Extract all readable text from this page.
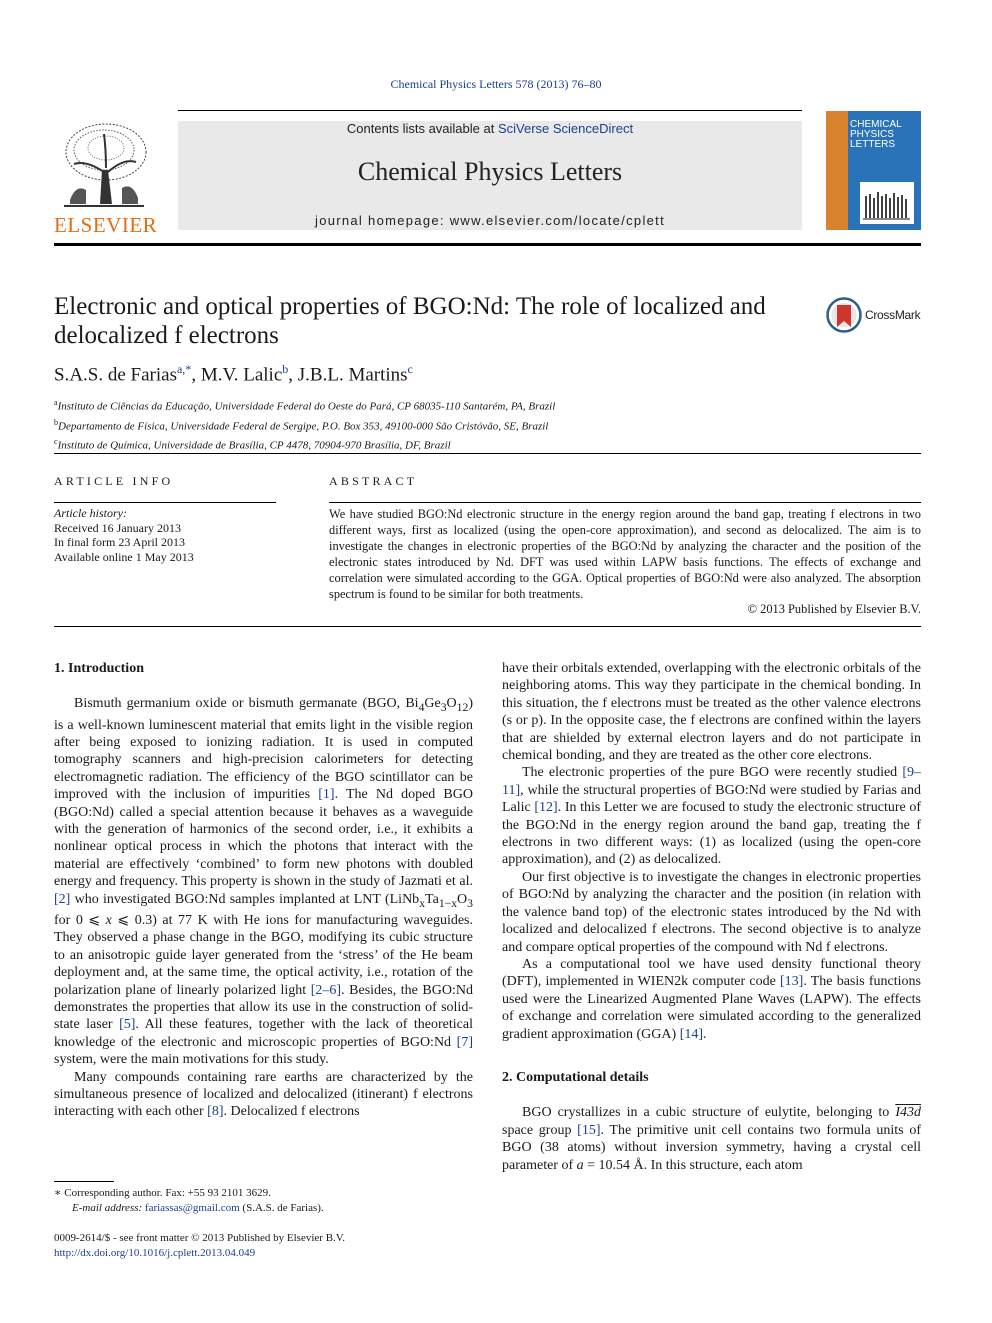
Chemical Physics Letters 578 (2013) 76–80
ELSEVIER
Contents lists available at SciVerse ScienceDirect
Chemical Physics Letters
journal homepage: www.elsevier.com/locate/cplett
CHEMICAL
PHYSICS
LETTERS
Electronic and optical properties of BGO:Nd: The role of localized and
delocalized f electrons
CrossMark
S.A.S. de Farias$^{a,*}$, M.V. Lalic$^b$, J.B.L. Martins$^c$
$^a$Instituto de Ciências da Educação, Universidade Federal do Oeste do Pará, CP 68035-110 Santarém, PA, Brazil
$^b$Departamento de Física, Universidade Federal de Sergipe, P.O. Box 353, 49100-000 São Cristóvão, SE, Brazil
$^c$Instituto de Química, Universidade de Brasília, CP 4478, 70904-970 Brasília, DF, Brazil
ARTICLE INFO
Article history:
Received 16 January 2013
In final form 23 April 2013
Available online 1 May 2013
ABSTRACT
We have studied BGO:Nd electronic structure in the energy region around the band gap, treating f electrons in two different ways, first as localized (using the open-core approximation), and second as delocalized. The aim is to investigate the changes in electronic properties of the BGO:Nd by analyzing the character and the position of the electronic states introduced by Nd. DFT was used within LAPW basis functions. The effects of exchange and correlation were simulated according to the GGA. Optical properties of BGO:Nd were also analyzed. The absorption spectrum is found to be similar for both treatments.
© 2013 Published by Elsevier B.V.
1. Introduction

Bismuth germanium oxide or bismuth germanate (BGO, $Bi_4Ge_3O_{12}$) is a well-known luminescent material that emits light in the visible region after being exposed to ionizing radiation. It is used in computed tomography scanners and high-precision calorimeters for detecting electromagnetic radiation. The efficiency of the BGO scintillator can be improved with the inclusion of impurities [1]. The Nd doped BGO (BGO:Nd) called a special attention because it behaves as a waveguide with the generation of harmonics of the second order, i.e., it exhibits a nonlinear optical process in which the photons that interact with the material are effectively ‘combined’ to form new photons with doubled energy and frequency. This property is shown in the study of Jazmati et al. [2] who investigated BGO:Nd samples implanted at LNT ($LiNb_xTa_{1-x}O_3$ for 0 ⩽ x ⩽ 0.3) at 77 K with He ions for manufacturing waveguides. They observed a phase change in the BGO, modifying its cubic structure to an anisotropic guide layer generated from the ‘stress’ of the He beam deployment and, at the same time, the optical activity, i.e., rotation of the polarization plane of linearly polarized light [2–6]. Besides, the BGO:Nd demonstrates the properties that allow its use in the construction of solid-state laser [5]. All these features, together with the lack of theoretical knowledge of the electronic and microscopic properties of BGO:Nd [7] system, were the main motivations for this study.

Many compounds containing rare earths are characterized by the simultaneous presence of localized and delocalized (itinerant) f electrons interacting with each other [8]. Delocalized f electrons

have their orbitals extended, overlapping with the electronic orbitals of the neighboring atoms. This way they participate in the chemical bonding. In this situation, the f electrons must be treated as the other valence electrons (s or p). In the opposite case, the f electrons are confined within the layers that are shielded by external electron layers and do not participate in chemical bonding, and they are treated as the other core electrons.

The electronic properties of the pure BGO were recently studied [9–11], while the structural properties of BGO:Nd were studied by Farias and Lalic [12]. In this Letter we are focused to study the electronic structure of the BGO:Nd in the energy region around the band gap, treating the f electrons in two different ways: (1) as localized (using the open-core approximation), and (2) as delocalized.

Our first objective is to investigate the changes in electronic properties of BGO:Nd by analyzing the character and the position (in relation with the valence band top) of the electronic states introduced by the Nd with localized and delocalized f electrons. The second objective is to analyze and compare optical properties of the compound with Nd f electrons.

As a computational tool we have used density functional theory (DFT), implemented in WIEN2k computer code [13]. The basis functions used were the Linearized Augmented Plane Waves (LAPW). The effects of exchange and correlation were simulated according to the generalized gradient approximation (GGA) [14].

2. Computational details

BGO crystallizes in a cubic structure of eulytite, belonging to I43d space group [15]. The primitive unit cell contains two formula units of BGO (38 atoms) without inversion symmetry, having a crystal cell parameter of a = 10.54 Å. In this structure, each atom

∗ Corresponding author. Fax: +55 93 2101 3629.
E-mail address: fariassas@gmail.com (S.A.S. de Farias).
0009-2614/$ - see front matter © 2013 Published by Elsevier B.V.
http://dx.doi.org/10.1016/j.cplett.2013.04.049
